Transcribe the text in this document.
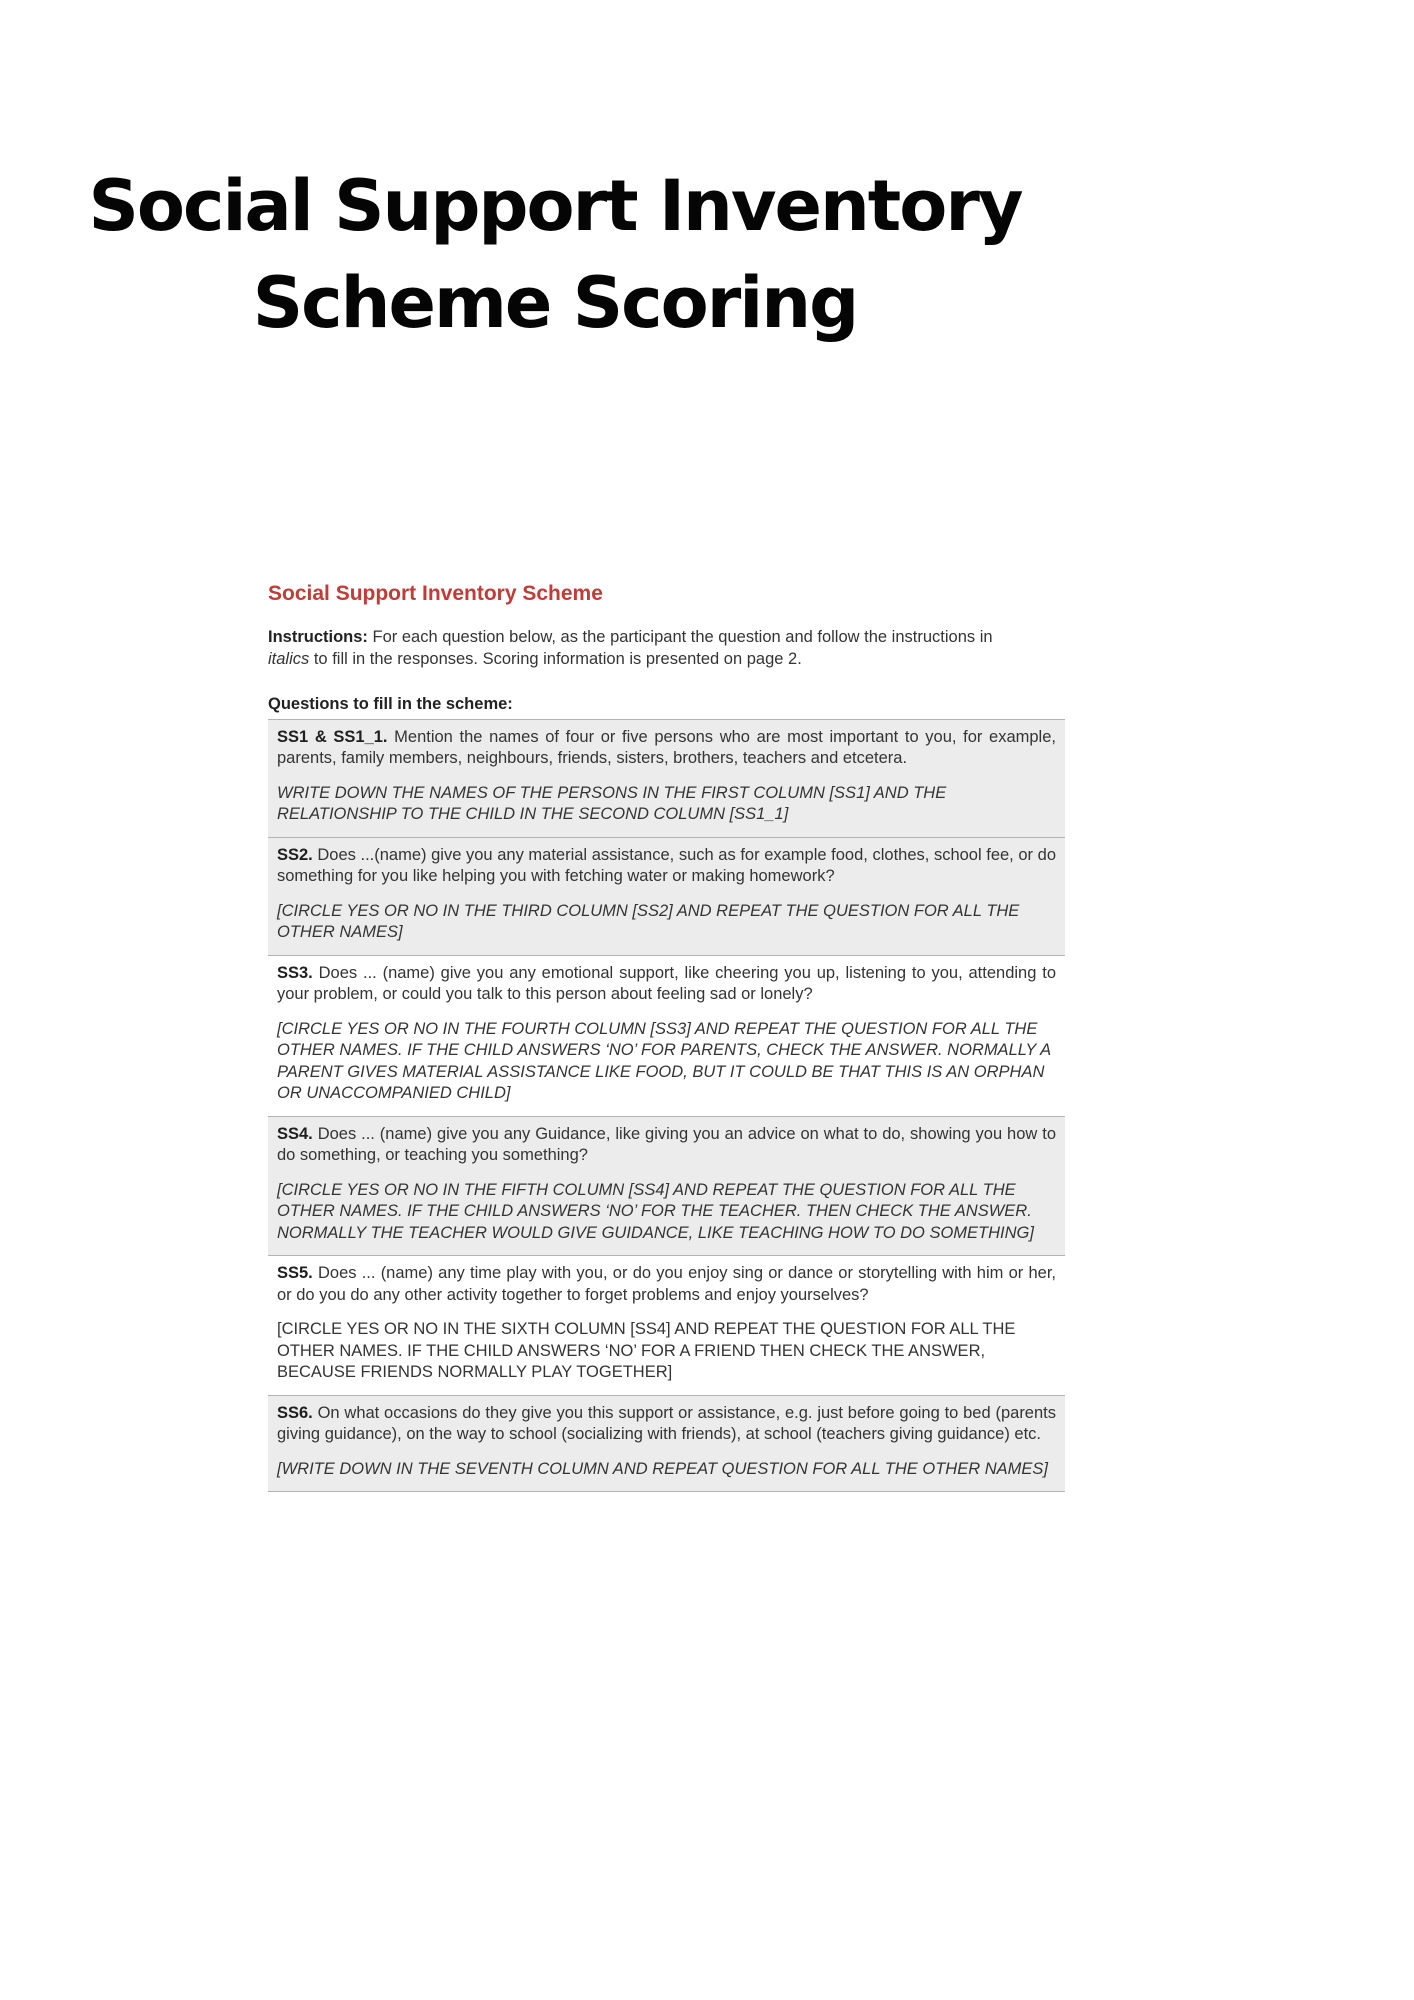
Social Support Inventory
Scheme Scoring
Social Support Inventory Scheme

Instructions: For each question below, as the participant the question and follow the instructions in italics to fill in the responses. Scoring information is presented on page 2.

Questions to fill in the scheme:

SS1 & SS1_1. Mention the names of four or five persons who are most important to you, for example, parents, family members, neighbours, friends, sisters, brothers, teachers and etcetera.

WRITE DOWN THE NAMES OF THE PERSONS IN THE FIRST COLUMN [SS1] AND THE RELATIONSHIP TO THE CHILD IN THE SECOND COLUMN [SS1_1]

SS2. Does ...(name) give you any material assistance, such as for example food, clothes, school fee, or do something for you like helping you with fetching water or making homework?

[CIRCLE YES OR NO IN THE THIRD COLUMN [SS2] AND REPEAT THE QUESTION FOR ALL THE OTHER NAMES]

SS3. Does ... (name) give you any emotional support, like cheering you up, listening to you, attending to your problem, or could you talk to this person about feeling sad or lonely?

[CIRCLE YES OR NO IN THE FOURTH COLUMN [SS3] AND REPEAT THE QUESTION FOR ALL THE OTHER NAMES. IF THE CHILD ANSWERS ‘NO’ FOR PARENTS, CHECK THE ANSWER. NORMALLY A PARENT GIVES MATERIAL ASSISTANCE LIKE FOOD, BUT IT COULD BE THAT THIS IS AN ORPHAN OR UNACCOMPANIED CHILD]

SS4. Does ... (name) give you any Guidance, like giving you an advice on what to do, showing you how to do something, or teaching you something?

[CIRCLE YES OR NO IN THE FIFTH COLUMN [SS4] AND REPEAT THE QUESTION FOR ALL THE OTHER NAMES. IF THE CHILD ANSWERS ‘NO’ FOR THE TEACHER. THEN CHECK THE ANSWER. NORMALLY THE TEACHER WOULD GIVE GUIDANCE, LIKE TEACHING HOW TO DO SOMETHING]

SS5. Does ... (name) any time play with you, or do you enjoy sing or dance or storytelling with him or her, or do you do any other activity together to forget problems and enjoy yourselves?

[CIRCLE YES OR NO IN THE SIXTH COLUMN [SS4] AND REPEAT THE QUESTION FOR ALL THE OTHER NAMES. IF THE CHILD ANSWERS ‘NO’ FOR A FRIEND THEN CHECK THE ANSWER, BECAUSE FRIENDS NORMALLY PLAY TOGETHER]

SS6. On what occasions do they give you this support or assistance, e.g. just before going to bed (parents giving guidance), on the way to school (socializing with friends), at school (teachers giving guidance) etc.

[WRITE DOWN IN THE SEVENTH COLUMN AND REPEAT QUESTION FOR ALL THE OTHER NAMES]
